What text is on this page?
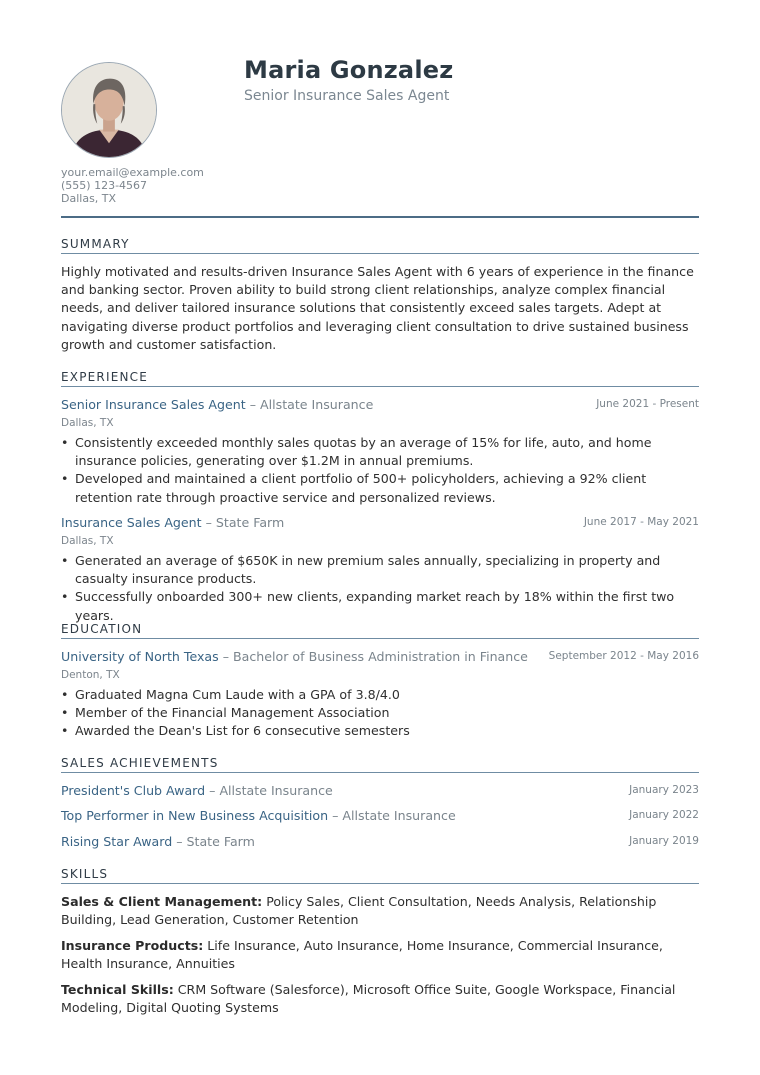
Maria Gonzalez
Senior Insurance Sales Agent
your.email@example.com
(555) 123-4567
Dallas, TX
SUMMARY
Highly motivated and results-driven Insurance Sales Agent with 6 years of experience in the finance and banking sector. Proven ability to build strong client relationships, analyze complex financial needs, and deliver tailored insurance solutions that consistently exceed sales targets. Adept at navigating diverse product portfolios and leveraging client consultation to drive sustained business growth and customer satisfaction.
EXPERIENCE
Senior Insurance Sales Agent – Allstate Insurance	June 2021 - Present
Dallas, TX
• Consistently exceeded monthly sales quotas by an average of 15% for life, auto, and home insurance policies, generating over $1.2M in annual premiums.
• Developed and maintained a client portfolio of 500+ policyholders, achieving a 92% client retention rate through proactive service and personalized reviews.
Insurance Sales Agent – State Farm	June 2017 - May 2021
Dallas, TX
• Generated an average of $650K in new premium sales annually, specializing in property and casualty insurance products.
• Successfully onboarded 300+ new clients, expanding market reach by 18% within the first two years.
EDUCATION
University of North Texas – Bachelor of Business Administration in Finance September 2012 - May 2016
Denton, TX
• Graduated Magna Cum Laude with a GPA of 3.8/4.0
• Member of the Financial Management Association
• Awarded the Dean's List for 6 consecutive semesters
SALES ACHIEVEMENTS
President's Club Award – Allstate Insurance	January 2023
Top Performer in New Business Acquisition – Allstate Insurance	January 2022
Rising Star Award – State Farm	January 2019
SKILLS
Sales & Client Management: Policy Sales, Client Consultation, Needs Analysis, Relationship Building, Lead Generation, Customer Retention
Insurance Products: Life Insurance, Auto Insurance, Home Insurance, Commercial Insurance, Health Insurance, Annuities
Technical Skills: CRM Software (Salesforce), Microsoft Office Suite, Google Workspace, Financial Modeling, Digital Quoting Systems
